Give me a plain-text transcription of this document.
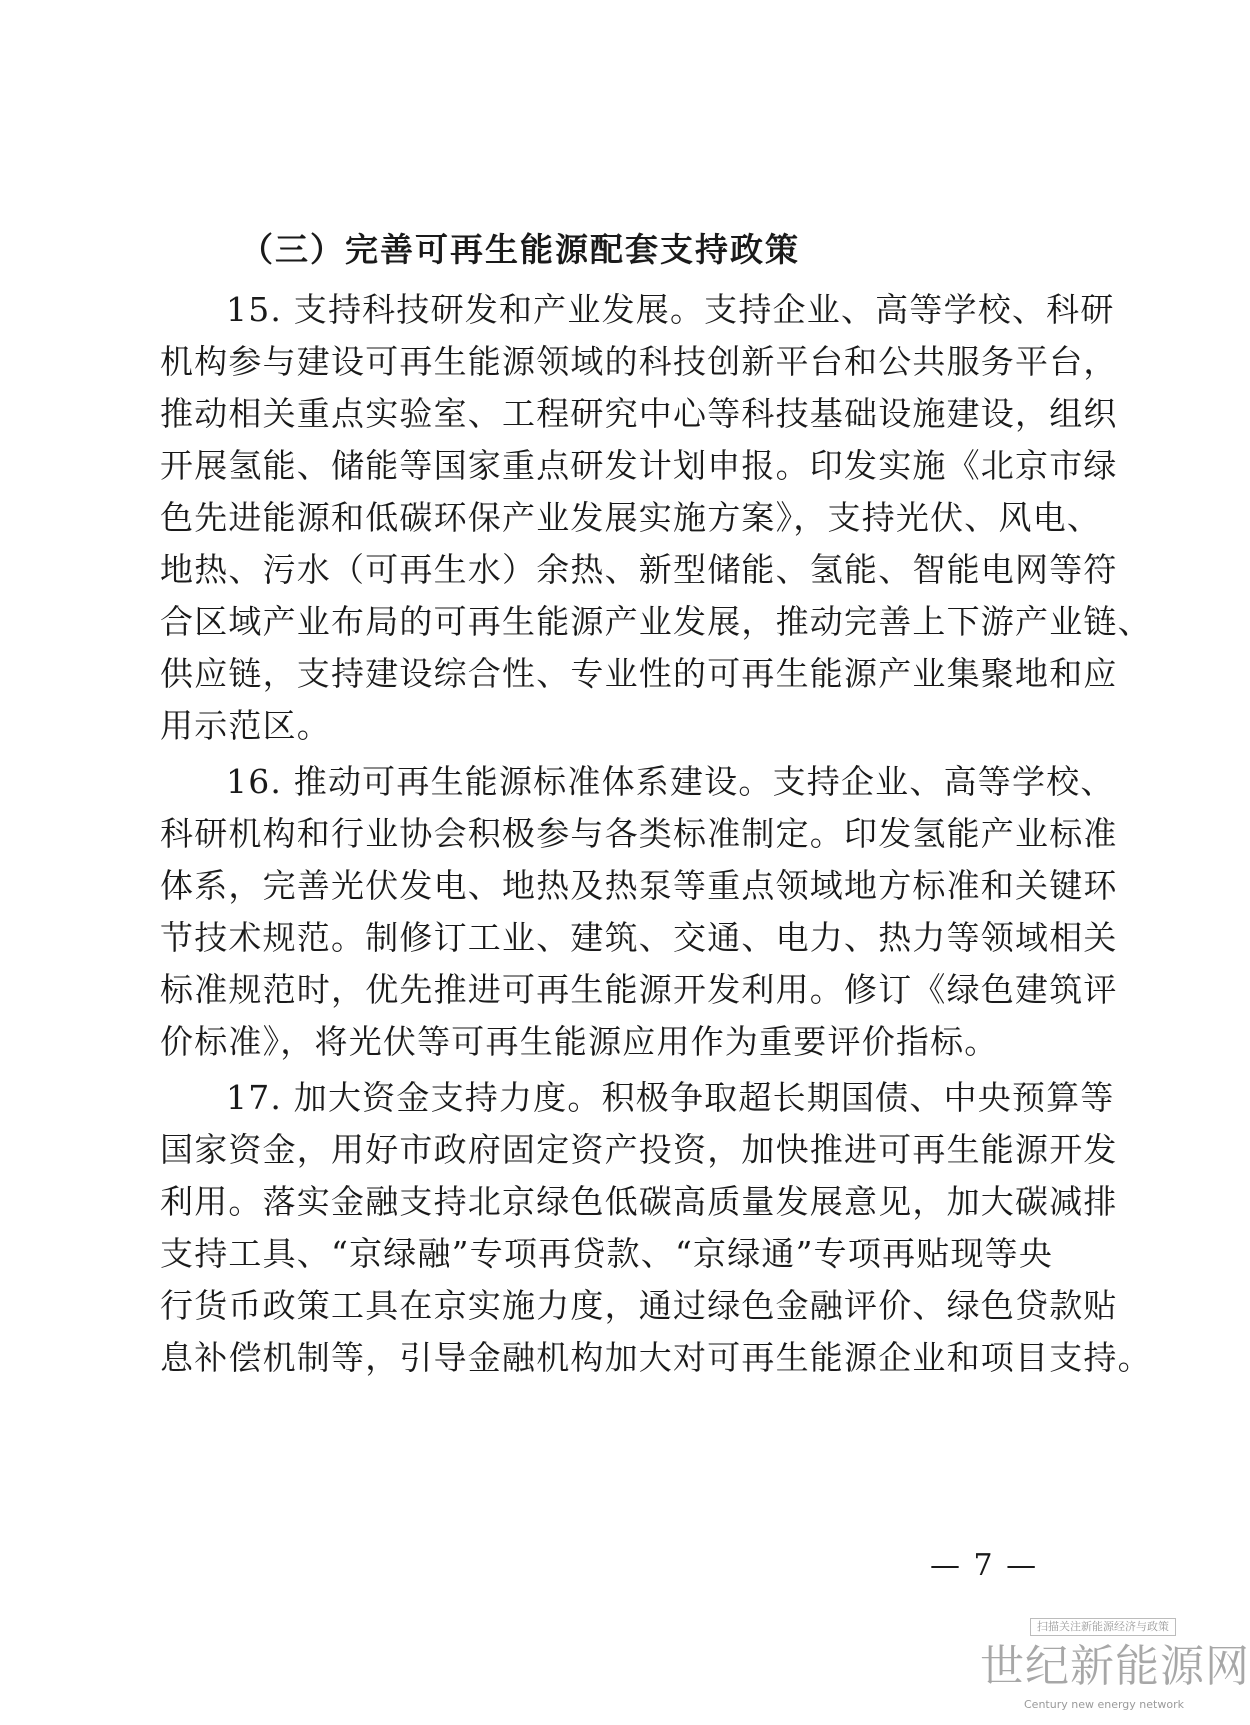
（三）完善可再生能源配套支持政策
15. 支持科技研发和产业发展。支持企业、高等学校、科研
机构参与建设可再生能源领域的科技创新平台和公共服务平台，
推动相关重点实验室、工程研究中心等科技基础设施建设，组织
开展氢能、储能等国家重点研发计划申报。印发实施《北京市绿
色先进能源和低碳环保产业发展实施方案》，支持光伏、风电、
地热、污水（可再生水）余热、新型储能、氢能、智能电网等符
合区域产业布局的可再生能源产业发展，推动完善上下游产业链、
供应链，支持建设综合性、专业性的可再生能源产业集聚地和应
用示范区。
16. 推动可再生能源标准体系建设。支持企业、高等学校、
科研机构和行业协会积极参与各类标准制定。印发氢能产业标准
体系，完善光伏发电、地热及热泵等重点领域地方标准和关键环
节技术规范。制修订工业、建筑、交通、电力、热力等领域相关
标准规范时，优先推进可再生能源开发利用。修订《绿色建筑评
价标准》，将光伏等可再生能源应用作为重要评价指标。
17. 加大资金支持力度。积极争取超长期国债、中央预算等
国家资金，用好市政府固定资产投资，加快推进可再生能源开发
利用。落实金融支持北京绿色低碳高质量发展意见，加大碳减排
支持工具、“京绿融”专项再贷款、“京绿通”专项再贴现等央
行货币政策工具在京实施力度，通过绿色金融评价、绿色贷款贴
息补偿机制等，引导金融机构加大对可再生能源企业和项目支持。
— 7 —
扫描关注新能源经济与政策
世纪新能源网
Century new energy network
